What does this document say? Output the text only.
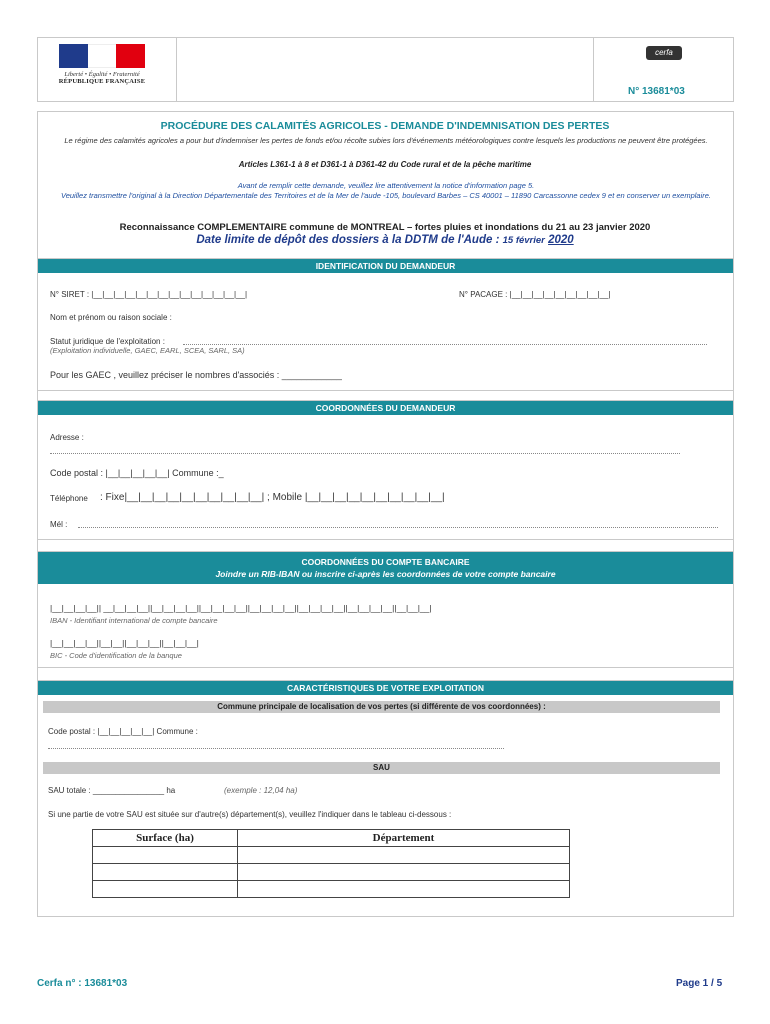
Liberté • Égalité • Fraternité
RÉPUBLIQUE FRANÇAISE
cerfa
N° 13681*03
PROCÉDURE DES CALAMITÉS AGRICOLES - DEMANDE D'INDEMNISATION DES PERTES
Le régime des calamités agricoles a pour but d'indemniser les pertes de fonds et/ou récolte subies lors d'événements météorologiques contre lesquels les productions ne peuvent être protégées.
Articles L361-1 à 8 et D361-1 à D361-42 du Code rural et de la pêche maritime
Avant de remplir cette demande, veuillez lire attentivement la notice d'information page 5.
Veuillez transmettre l'original à la Direction Départementale des Territoires et de la Mer de l'aude -105, boulevard Barbes – CS 40001 – 11890 Carcassonne cedex 9 et en conserver un exemplaire.
Reconnaissance COMPLEMENTAIRE commune de MONTREAL – fortes pluies et inondations du 21 au 23 janvier 2020
Date limite de dépôt des dossiers à la DDTM de l'Aude : 15 février 2020
IDENTIFICATION DU DEMANDEUR
N° SIRET : |__|__|__|__|__|__|__|__|__|__|__|__|__|__|	N° PACAGE : |__|__|__|__|__|__|__|__|__|
Nom et prénom ou raison sociale :
Statut juridique de l'exploitation :
(Exploitation individuelle, GAEC, EARL, SCEA, SARL, SA)
Pour les GAEC , veuillez préciser le nombres d'associés : ____________
COORDONNÉES DU DEMANDEUR
Adresse :
Code postal : |__|__|__|__|__| Commune :_
Téléphone : Fixe|__|__|__|__|__|__|__|__|__|__| ; Mobile |__|__|__|__|__|__|__|__|__|__|
Mél :
COORDONNÉES DU COMPTE BANCAIRE
Joindre un RIB-IBAN ou inscrire ci-après les coordonnées de votre compte bancaire
|__|__|__|__|| __|__|__|__||__|__|__|__||__|__|__|__||__|__|__|__||__|__|__|__||__|__|__|__||__|__|__|
IBAN - Identifiant international de compte bancaire
|__|__|__|__||__|__||__|__|__||__|__|__|
BIC - Code d'identification de la banque
CARACTÉRISTIQUES DE VOTRE EXPLOITATION
Commune principale de localisation de vos pertes (si différente de vos coordonnées) :
Code postal : |__|__|__|__|__| Commune :
SAU
SAU totale : ________________ ha	(exemple : 12,04 ha)
Si une partie de votre SAU est située sur d'autre(s) département(s), veuillez l'indiquer dans le tableau ci-dessous :
Surface (ha)	Département

Cerfa n° : 13681*03	Page 1 / 5
